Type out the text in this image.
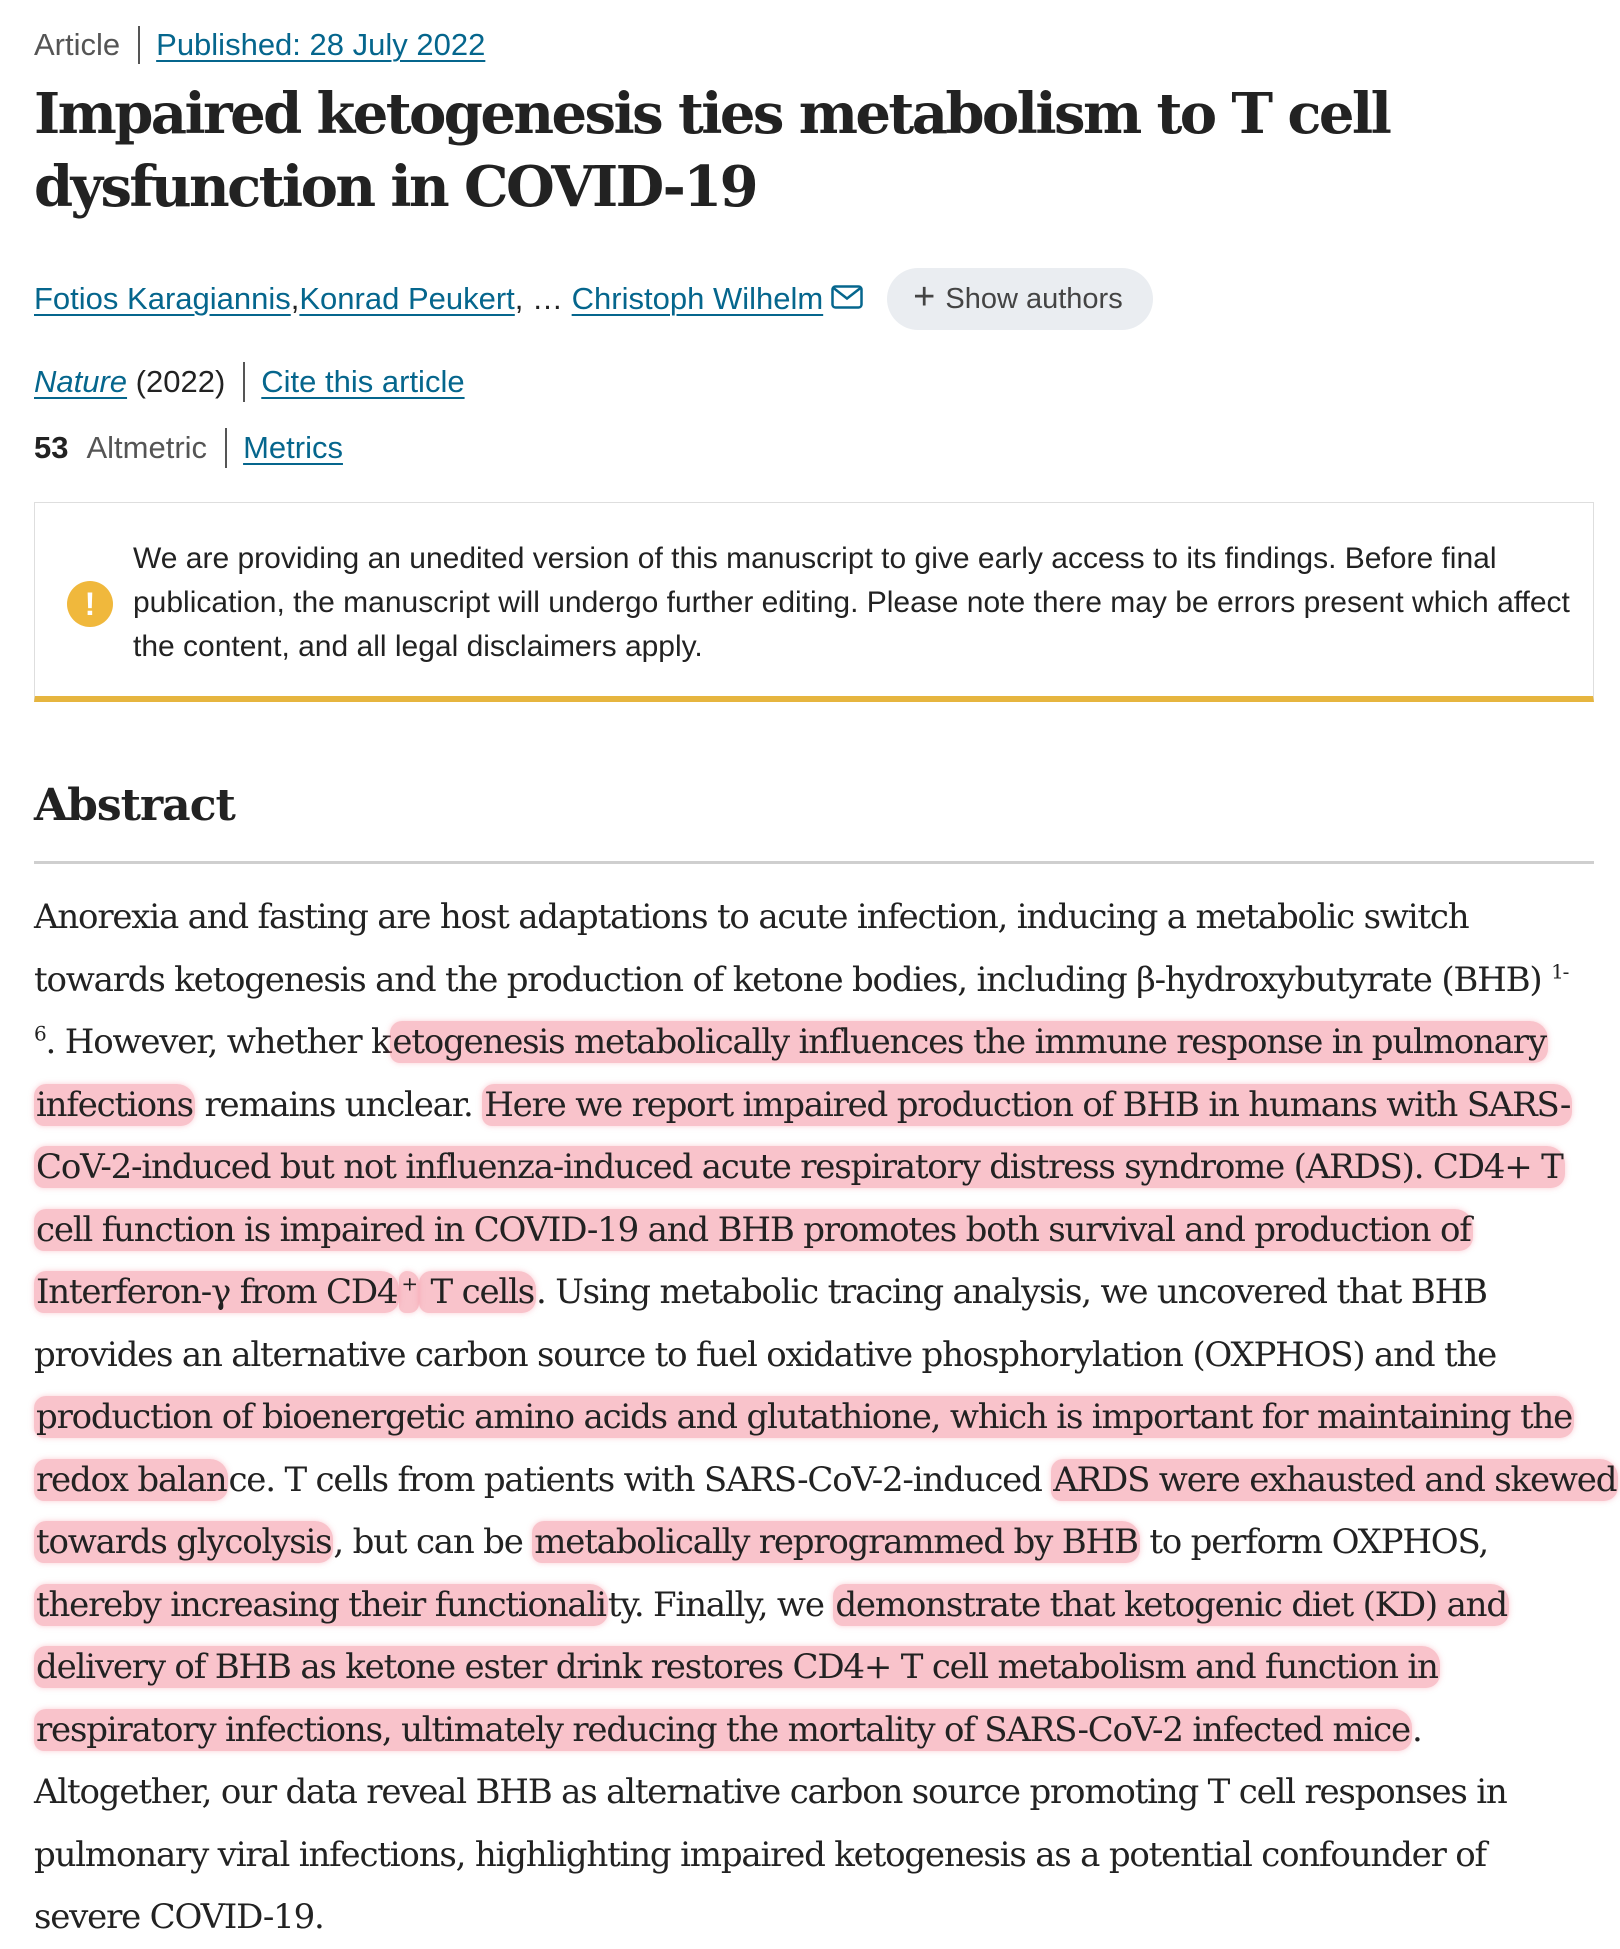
Article Published: 28 July 2022
Impaired ketogenesis ties metabolism to T cell dysfunction in COVID-19
Fotios Karagiannis , Konrad Peukert , …
Christoph Wilhelm + Show authors
Nature
(2022) Cite this article
53 Altmetric Metrics
!
We are providing an unedited version of this manuscript to give early access to its findings. Before final publication, the manuscript will undergo further editing. Please note there may be errors present which affect the content, and all legal disclaimers apply.
Abstract
Anorexia and fasting are host adaptations to acute infection, inducing a metabolic switch
towards ketogenesis and the production of ketone bodies, including β-hydroxybutyrate (BHB) $^{1-}$
$^6$. However, whether ketogenesis metabolically influences the immune response in pulmonary
infections remains unclear. Here we report impaired production of BHB in humans with SARS-
CoV-2-induced but not influenza-induced acute respiratory distress syndrome (ARDS). CD4+ T
cell function is impaired in COVID-19 and BHB promotes both survival and production of
Interferon-γ from CD4 + T cells. Using metabolic tracing analysis, we uncovered that BHB
provides an alternative carbon source to fuel oxidative phosphorylation (OXPHOS) and the
production of bioenergetic amino acids and glutathione, which is important for maintaining the
redox balance. T cells from patients with SARS-CoV-2-induced ARDS were exhausted and skewed
towards glycolysis, but can be metabolically reprogrammed by BHB to perform OXPHOS,
thereby increasing their functionality. Finally, we demonstrate that ketogenic diet (KD) and
delivery of BHB as ketone ester drink restores CD4+ T cell metabolism and function in
respiratory infections, ultimately reducing the mortality of SARS-CoV-2 infected mice.
Altogether, our data reveal BHB as alternative carbon source promoting T cell responses in
pulmonary viral infections, highlighting impaired ketogenesis as a potential confounder of
severe COVID-19.
